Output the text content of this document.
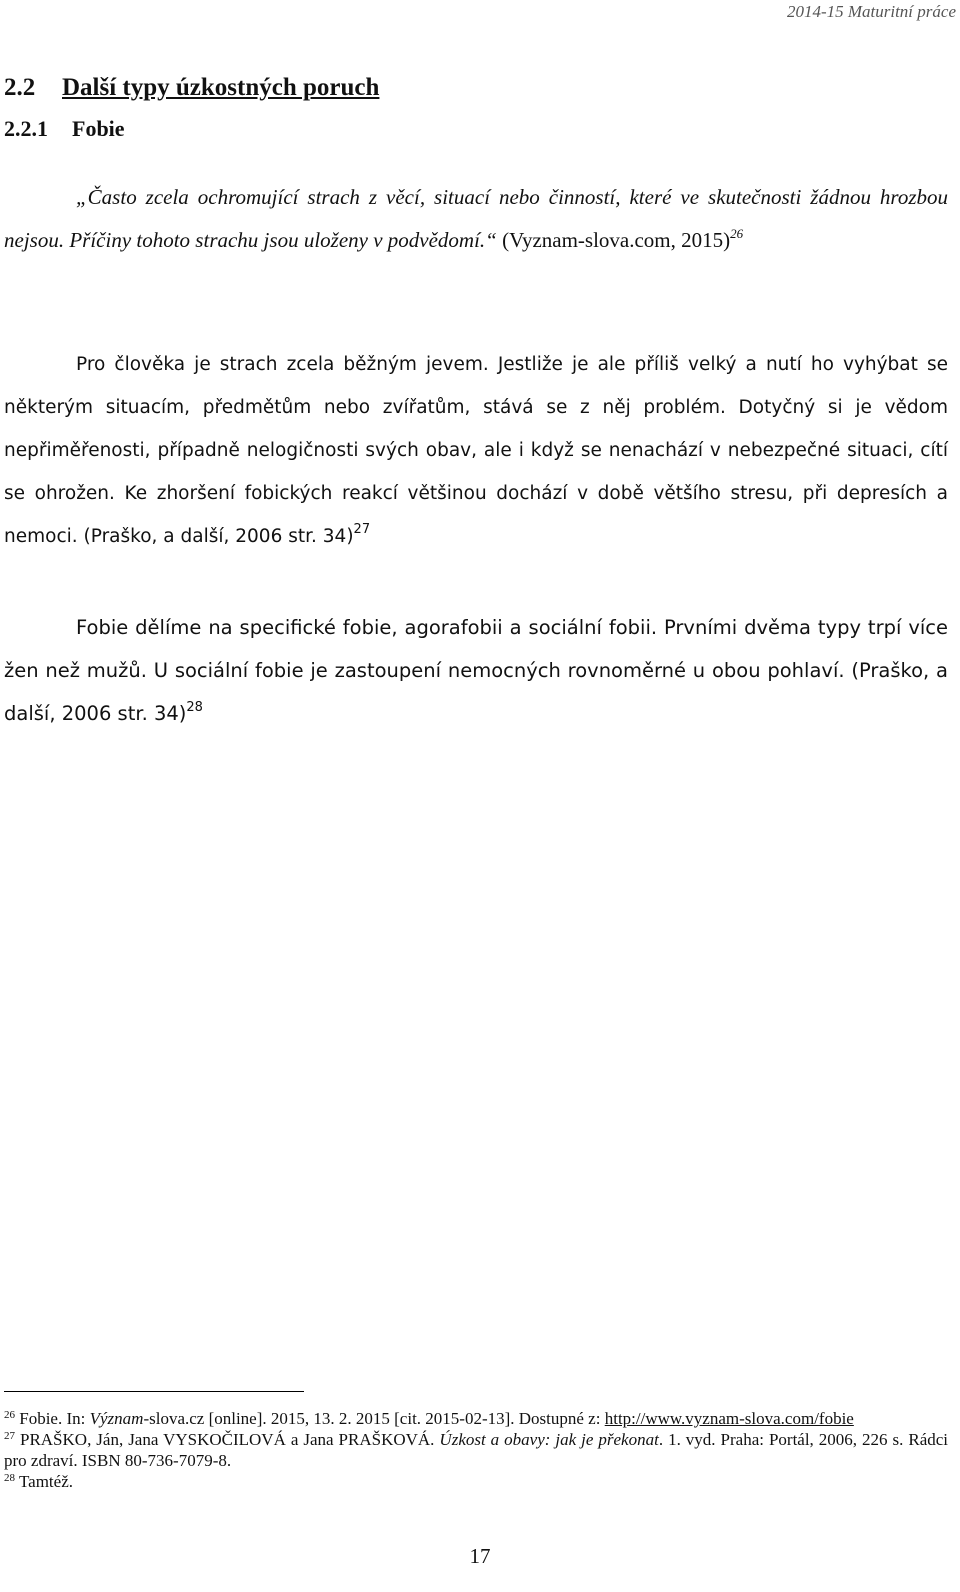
2014-15 Maturitní práce
2.2 Další typy úzkostných poruch
2.2.1 Fobie
„Často zcela ochromující strach z věcí, situací nebo činností, které ve skutečnosti žádnou hrozbou nejsou. Příčiny tohoto strachu jsou uloženy v podvědomí.“ (Vyznam-slova.com, 2015)$^{26}$
Pro člověka je strach zcela běžným jevem. Jestliže je ale příliš velký a nutí ho vyhýbat se některým situacím, předmětům nebo zvířatům, stává se z něj problém. Dotyčný si je vědom nepřiměřenosti, případně nelogičnosti svých obav, ale i když se nenachází v nebezpečné situaci, cítí se ohrožen. Ke zhoršení fobických reakcí většinou dochází v době většího stresu, při depresích a nemoci. (Praško, a další, 2006 str. 34)$^{27}$
Fobie dělíme na specifické fobie, agorafobii a sociální fobii. Prvními dvěma typy trpí více žen než mužů. U sociální fobie je zastoupení nemocných rovnoměrné u obou pohlaví. (Praško, a další, 2006 str. 34)$^{28}$

$^{26}$ Fobie. In: Význam-slova.cz [online]. 2015, 13. 2. 2015 [cit. 2015-02-13]. Dostupné z: http://www.vyznam-slova.com/fobie

$^{27}$ PRAŠKO, Ján, Jana VYSKOČILOVÁ a Jana PRAŠKOVÁ. Úzkost a obavy: jak je překonat. 1. vyd. Praha: Portál, 2006, 226 s. Rádci pro zdraví. ISBN 80-736-7079-8.

$^{28}$ Tamtéž.

17
